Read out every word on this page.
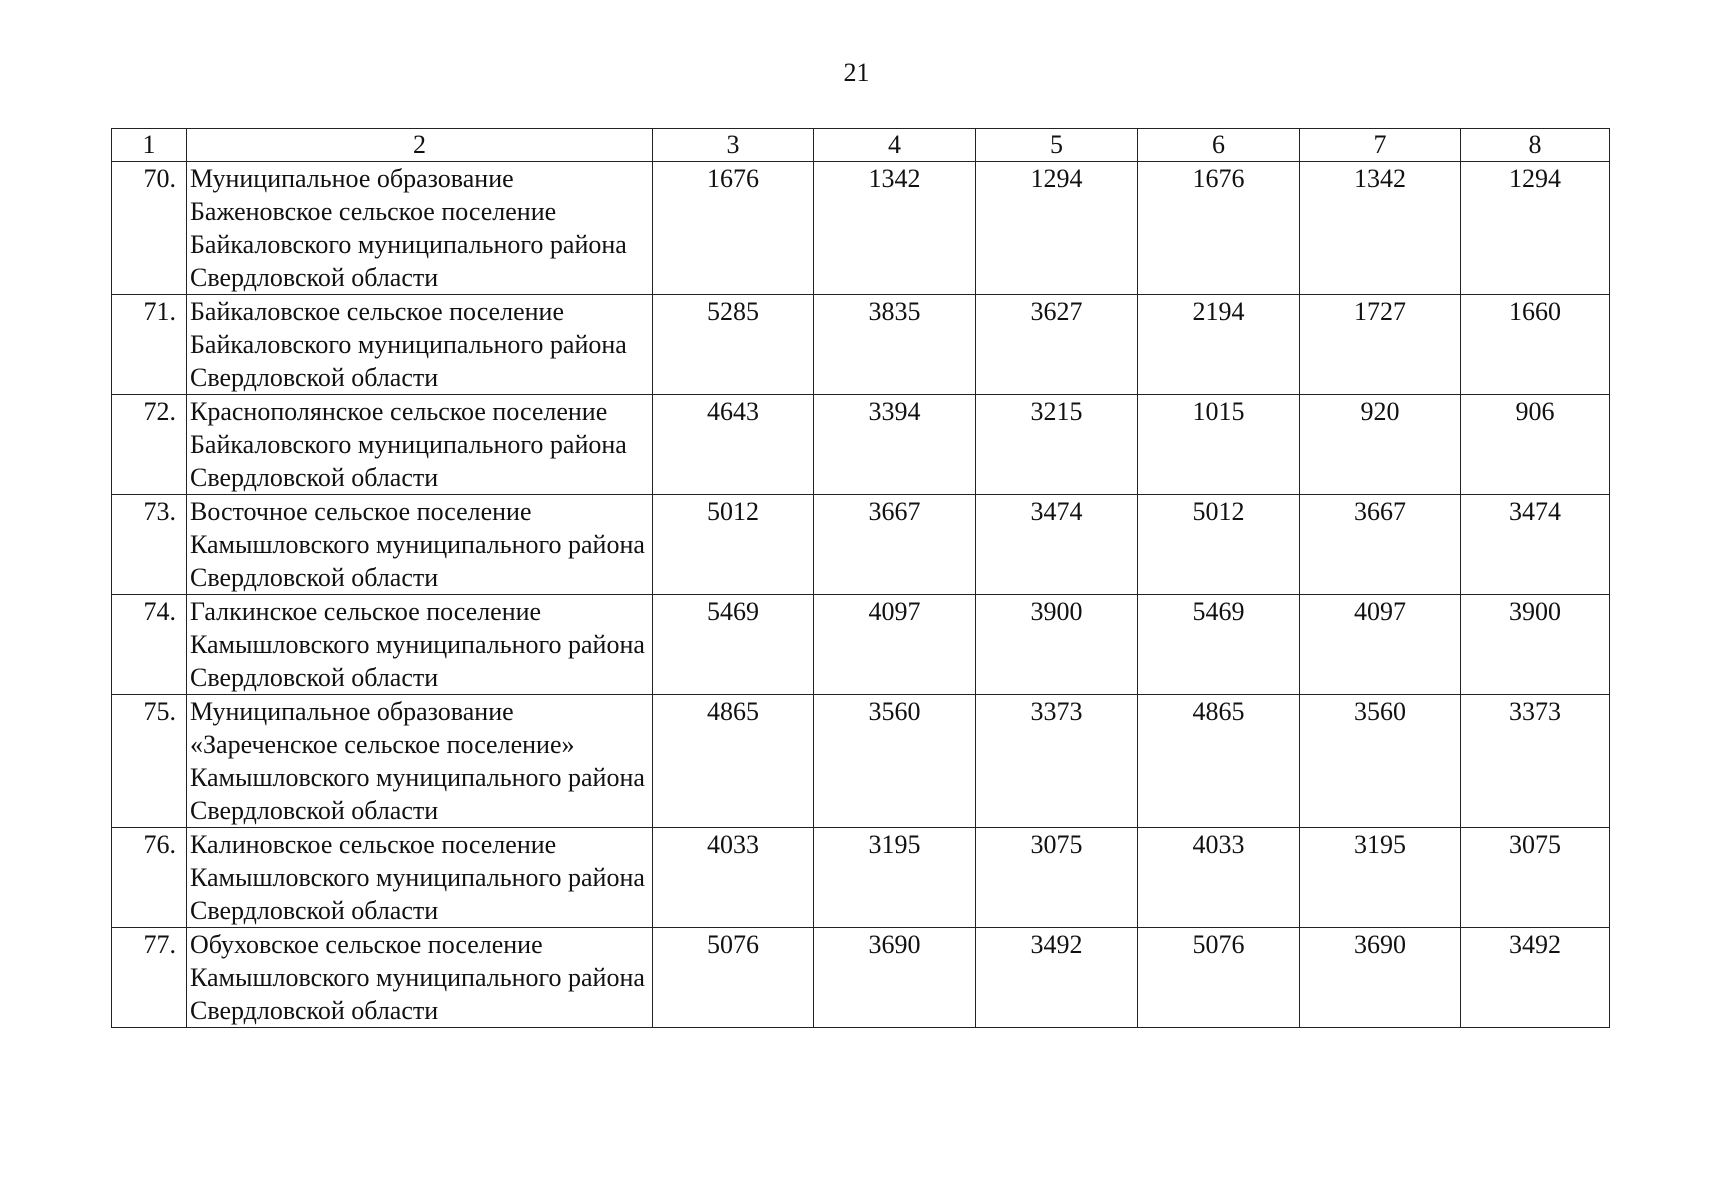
21
1	2	3	4	5	6	7	8
70.	Муниципальное образование Баженовское сельское поселение Байкаловского муниципального района Свердловской области	1676	1342	1294	1676	1342	1294
71.	Байкаловское сельское поселение Байкаловского муниципального района Свердловской области	5285	3835	3627	2194	1727	1660
72.	Краснополянское сельское поселение Байкаловского муниципального района Свердловской области	4643	3394	3215	1015	920	906
73.	Восточное сельское поселение Камышловского муниципального района Свердловской области	5012	3667	3474	5012	3667	3474
74.	Галкинское сельское поселение Камышловского муниципального района Свердловской области	5469	4097	3900	5469	4097	3900
75.	Муниципальное образование «Зареченское сельское поселение» Камышловского муниципального района Свердловской области	4865	3560	3373	4865	3560	3373
76.	Калиновское сельское поселение Камышловского муниципального района Свердловской области	4033	3195	3075	4033	3195	3075
77.	Обуховское сельское поселение Камышловского муниципального района Свердловской области	5076	3690	3492	5076	3690	3492
